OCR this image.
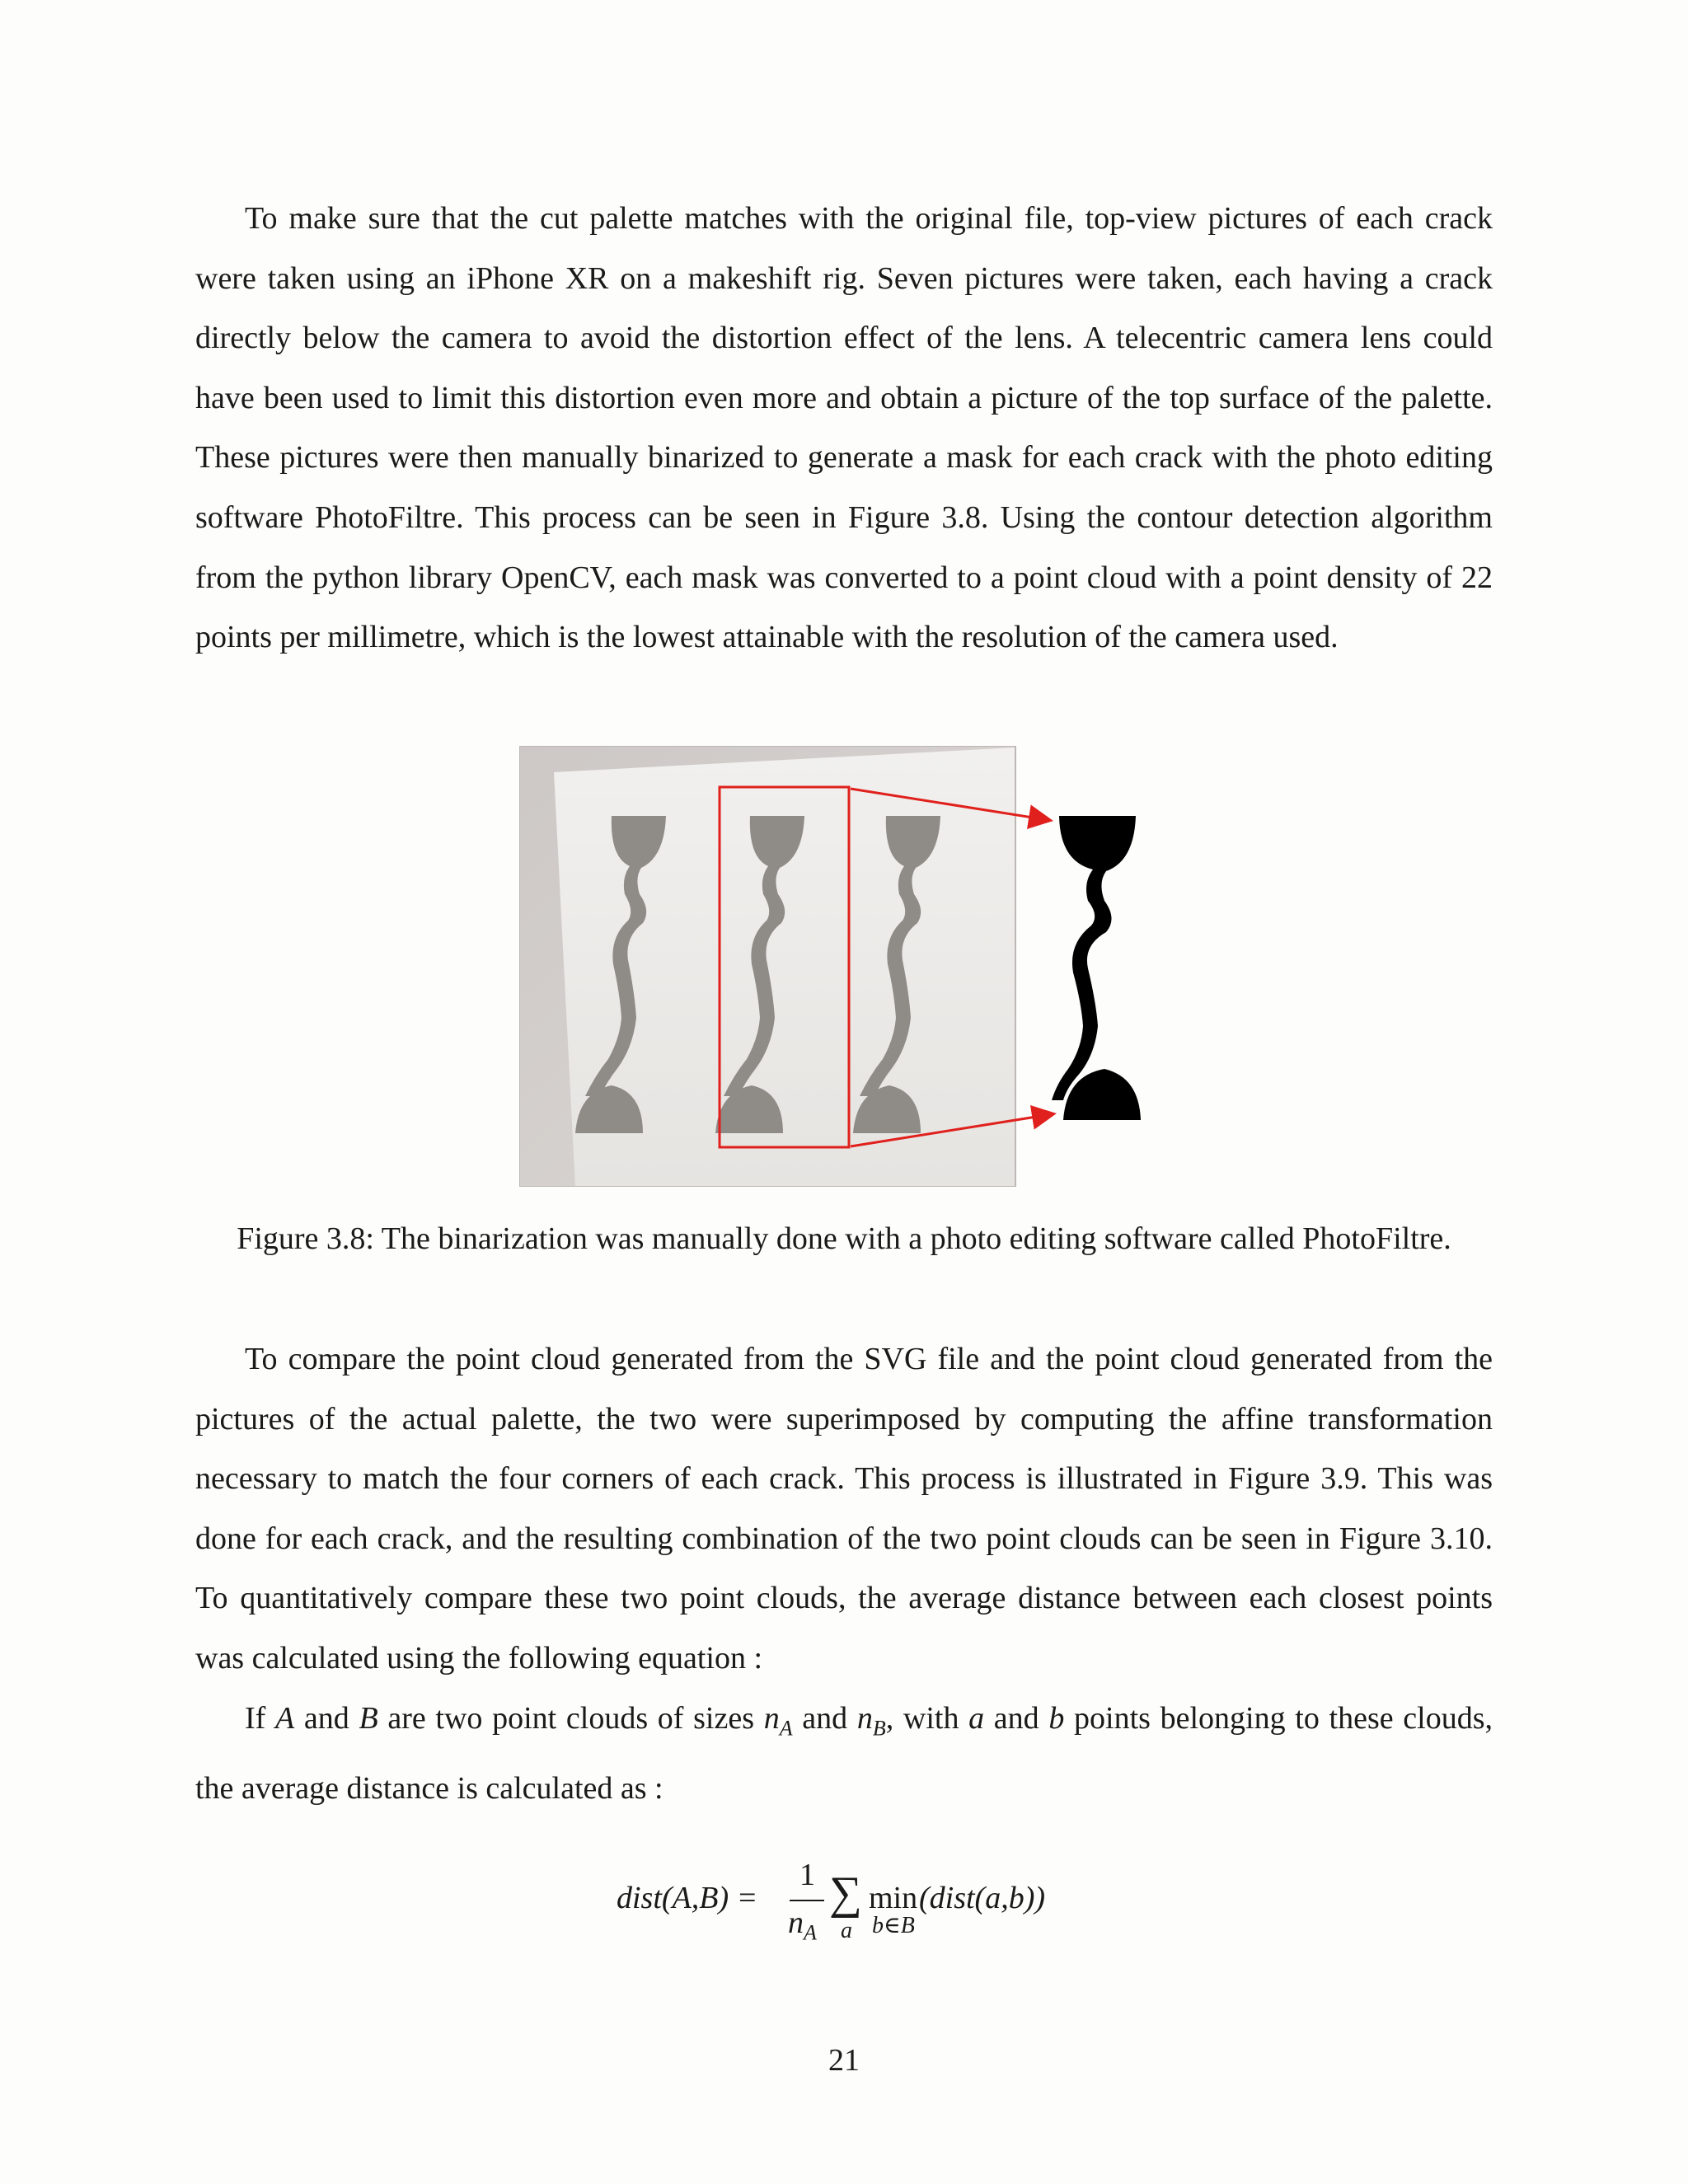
To make sure that the cut palette matches with the original file, top-view pictures of each crack were taken using an iPhone XR on a makeshift rig. Seven pictures were taken, each having a crack directly below the camera to avoid the distortion effect of the lens. A telecentric camera lens could have been used to limit this distortion even more and obtain a picture of the top surface of the palette. These pictures were then manually binarized to generate a mask for each crack with the photo editing software PhotoFiltre. This process can be seen in Figure 3.8. Using the contour detection algorithm from the python library OpenCV, each mask was converted to a point cloud with a point density of 22 points per millimetre, which is the lowest attainable with the resolution of the camera used.

Figure 3.8: The binarization was manually done with a photo editing software called PhotoFiltre.

To compare the point cloud generated from the SVG file and the point cloud generated from the pictures of the actual palette, the two were superimposed by computing the affine transformation necessary to match the four corners of each crack. This process is illustrated in Figure 3.9. This was done for each crack, and the resulting combination of the two point clouds can be seen in Figure 3.10. To quantitatively compare these two point clouds, the average distance between each closest points was calculated using the following equation :

If A and B are two point clouds of sizes $n_A$ and $n_B$, with a and b points belonging to these clouds, the average distance is calculated as :

dist(A,B) =
1
$n_A$
∑
a
min
b∈B
(dist(a,b))
21
